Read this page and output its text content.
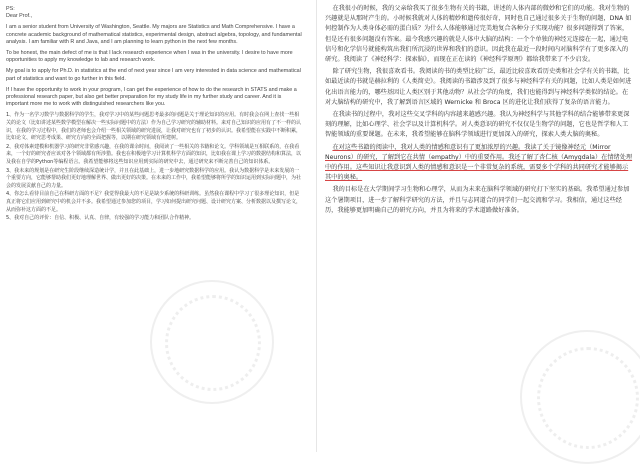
PS:

Dear Prof.,

I am a senior student from University of Washington, Seattle. My majors are Statistics and Math Comprehensive. I have a concrete academic background of mathematical statistics, experimental design, abstract algebra, topology, and fundamental analysis. I am familiar with R and Java, and I am planning to learn python in the next few months.

To be honest, the main defect of me is that I lack research experience when I was in the university. I desire to have more opportunities to apply my knowledge to lab and research work.

My goal is to apply for Ph.D. in statistics at the end of next year since I am very interested in data science and mathematical part of statistics and want to go further in this field.

If I have the opportunity to work in your program, I can get the experience of how to do the research in STATS and make a professional research paper, but also get better preparation for my study life in my further study and career. And it is important more me to work with distinguished researchers like you.

1、作为一名学习数学与数据科学的学生，我对学习中的某些问题思考最多的问题是关于理论知识的应用。有时我会在网上查找一些相关的论文（比如讲述某些数学模型在解决一些实际问题中的方法）作为自己学习研究的辅助材料。来对自己知识的应用有了不一样的认识，在我的学习过程中，我们的老师也会介绍一些相关领域的研究进展，让我对研究也有了初步的认识。我希望能在实践中不断积累，比如论文、研究思考成果、研究方向的全面把握等，以期在研究领域有所建树。

2、我对体素建模和机器学习的研究非常感兴趣，在我的课余时间，我阅读了一些相关的书籍和论文。学科领域是互相联系的，在我看来，一个好的研究者应该对各个领域都有所涉猎。我也在积极地学习计算机科学方面的知识，比如我在课上学习的数据结构和算法，以及我在自学的Python等编程语言。我希望能够将这些知识应用到实际的研究中去，通过研究来不断完善自己的知识体系。

3、我未来的规划是在研究生阶段继续深造统计学，并且在此基础上，进一步地研究数据科学的应用。我认为数据科学是未来发展的一个重要方向，它能够帮助我们更好地理解世界、做出更好的决策。在未来的工作中，我希望能够将所学的知识运用到实际问题中，为社会的发展贡献自己的力量。

4、你怎么看待目前自己在科研方面的不足？我觉得我最大的不足是缺少系统的科研训练。虽然我在课程中学习了很多理论知识，但是真正将它们应用到研究中的机会并不多。我希望通过参加您的项目，学习如何提出研究问题、设计研究方案、分析数据以及撰写论文，从而弥补这方面的不足。

5、我对自己的评价：自信、积极、认真、自律，有较强的学习能力和团队合作精神。

在我很小的时候，我的父亲给我买了很多生物有关的书籍，讲述的人体内部的微妙和它们的功能。我对生物的兴趣就是从那时产生的。小时候我就对人体的精妙和遗传很好奇，同时也自己通过很多关于生物的问题，DNA 如何控制作为人类身体必需的蛋白质？为什么人体能够通过完美地复合各种分子实现功能？很多问题得到了答案，但是还有很多问题没有答案。最令我感兴趣的就是人体中大脑的结构：一个个单独的神经元连接在一起，通过电信号和化学信号就能构筑出我们所沉浸的世界和我们的意识。因此我在最近一段时间内对脑科学有了更多深入的研究。我阅读了《神经科学：探索脑》，而现在正在读的《神经科学原理》都给我带来了不少启发。

除了研究生物，我很喜欢看书。我阅读的书的类型比较广泛，最近比较喜欢看历史类和社会学有关的书籍，比如最近读的书就是赫拉利的《人类简史》。我阅读的书籍涉及到了很多与神经科学有关的问题，比如人类是如何进化出语言能力的，哪些基因让人类区别于其他动物？从社会学的角度，我们也能得到与神经科学类似的结论。在对大脑结构的研究中，我了解到语言区域的 Wernicke 和 Broca 区的进化让我们获得了复杂的语言能力。

在我读书的过程中，我对这些交叉学科的内容越来越感兴趣。我认为神经科学与其他学科的结合能够带来更深刻的理解，比如心理学、社会学以及计算机科学。对人类意识的研究不仅仅是生物学的问题，它也是哲学和人工智能领域的重要课题。在未来，我希望能够在脑科学领域进行更加深入的研究，探索人类大脑的奥秘。

在对这些书籍的阅读中，我对人类的情感和意识有了更加浓厚的兴趣。我读了关于镜像神经元（Mirror Neurons）的研究，了解到它在共情（empathy）中的重要作用。我还了解了杏仁核（Amygdala）在情绪处理中的作用。这些知识让我意识到人类的情感和意识是一个非常复杂的系统，需要多个学科的共同研究才能够揭示其中的奥秘。

我的目标是在大学期间学习生物和心理学，从而为未来在脑科学领域的研究打下坚实的基础。我希望通过参加这个暑期项目，进一步了解科学研究的方法，并且与志同道合的同学们一起交流和学习。我相信，通过这些经历，我能够更加明确自己的研究方向，并且为将来的学术道路做好准备。
